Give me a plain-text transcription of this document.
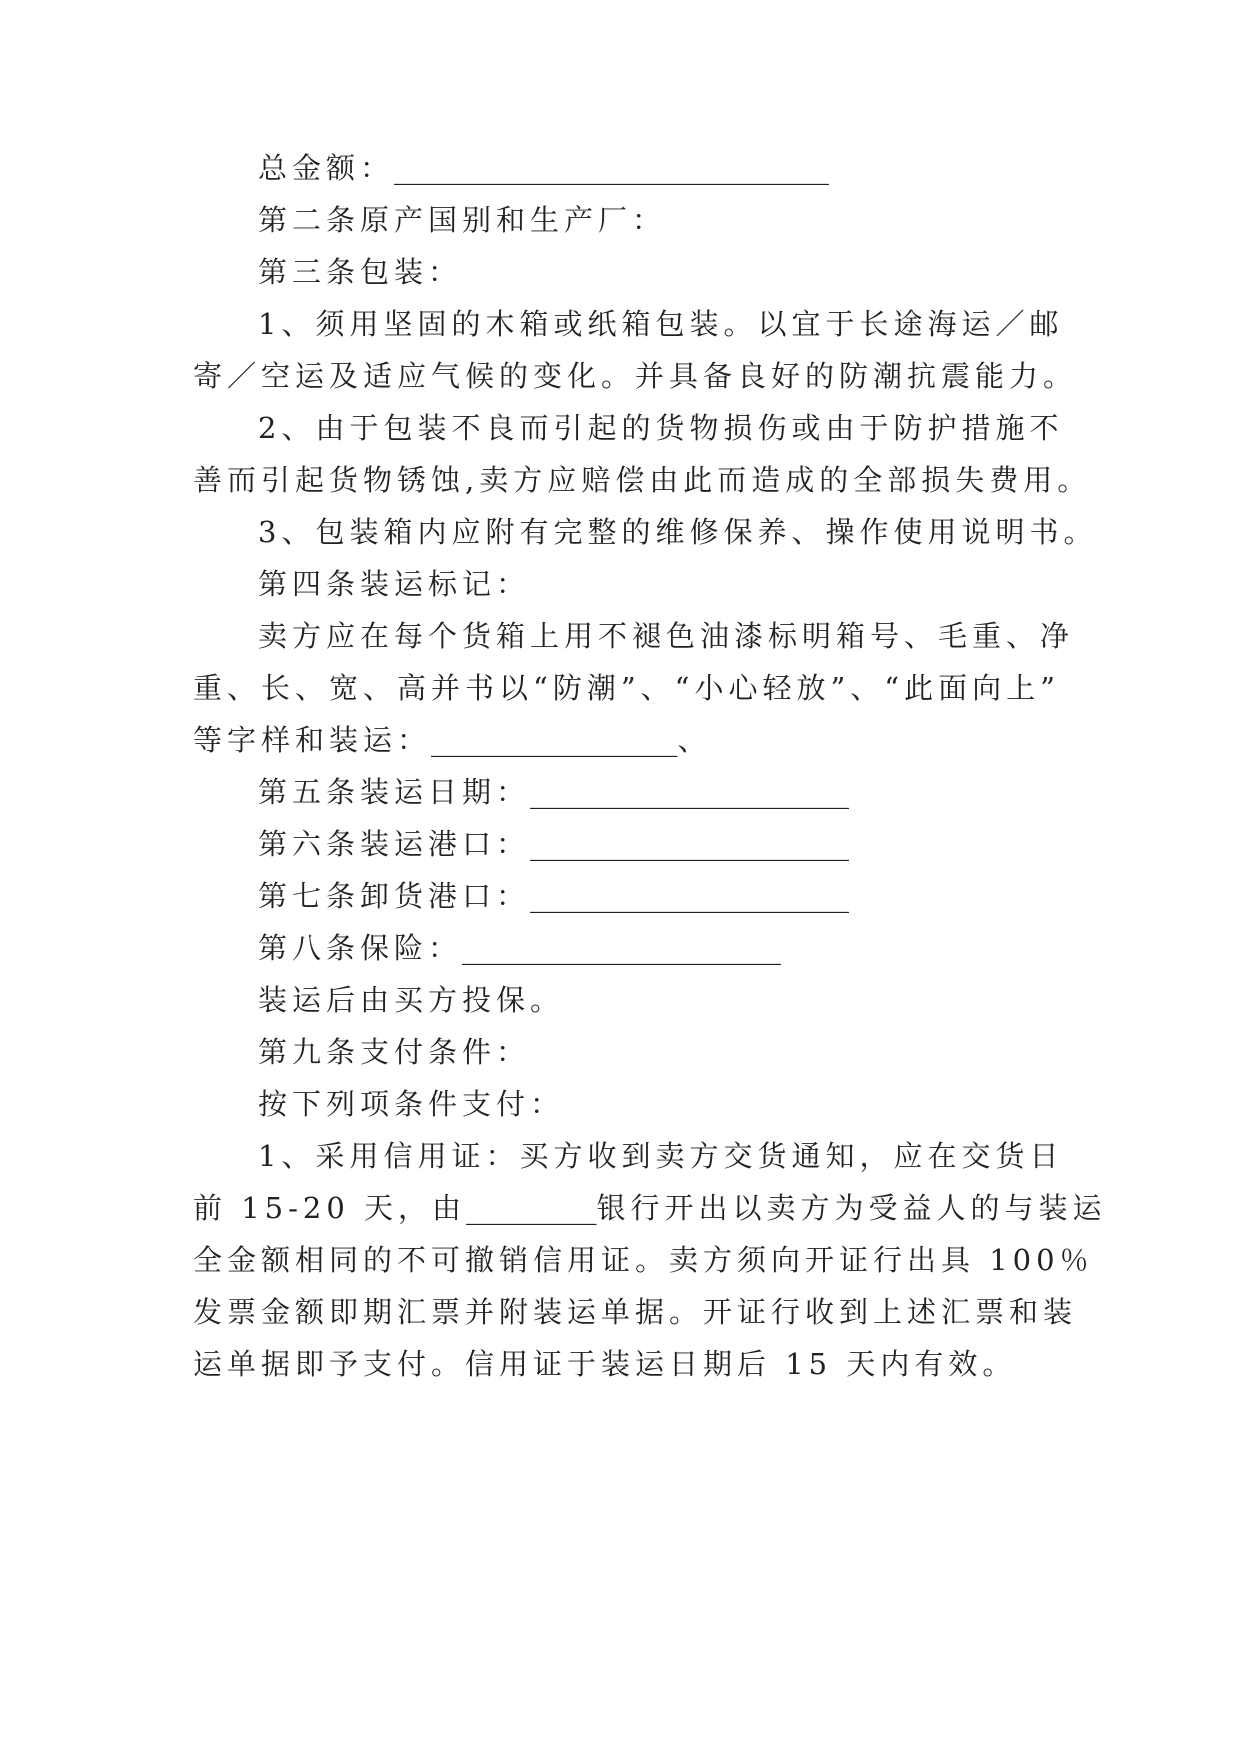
总金额：______________________________

第二条原产国别和生产厂：

第三条包装：

1、须用坚固的木箱或纸箱包装。以宜于长途海运／邮

寄／空运及适应气候的变化。并具备良好的防潮抗震能力。

2、由于包装不良而引起的货物损伤或由于防护措施不

善而引起货物锈蚀,卖方应赔偿由此而造成的全部损失费用。

3、包装箱内应附有完整的维修保养、操作使用说明书。

第四条装运标记：

卖方应在每个货箱上用不褪色油漆标明箱号、毛重、净

重、长、宽、高并书以“防潮”、“小心轻放”、“此面向上”

等字样和装运：_________________、

第五条装运日期：______________________

第六条装运港口：______________________

第七条卸货港口：______________________

第八条保险：______________________

装运后由买方投保。

第九条支付条件：

按下列项条件支付：

1、采用信用证：买方收到卖方交货通知，应在交货日

前 15-20 天，由_________银行开出以卖方为受益人的与装运

全金额相同的不可撤销信用证。卖方须向开证行出具 100％

发票金额即期汇票并附装运单据。开证行收到上述汇票和装

运单据即予支付。信用证于装运日期后 15 天内有效。
